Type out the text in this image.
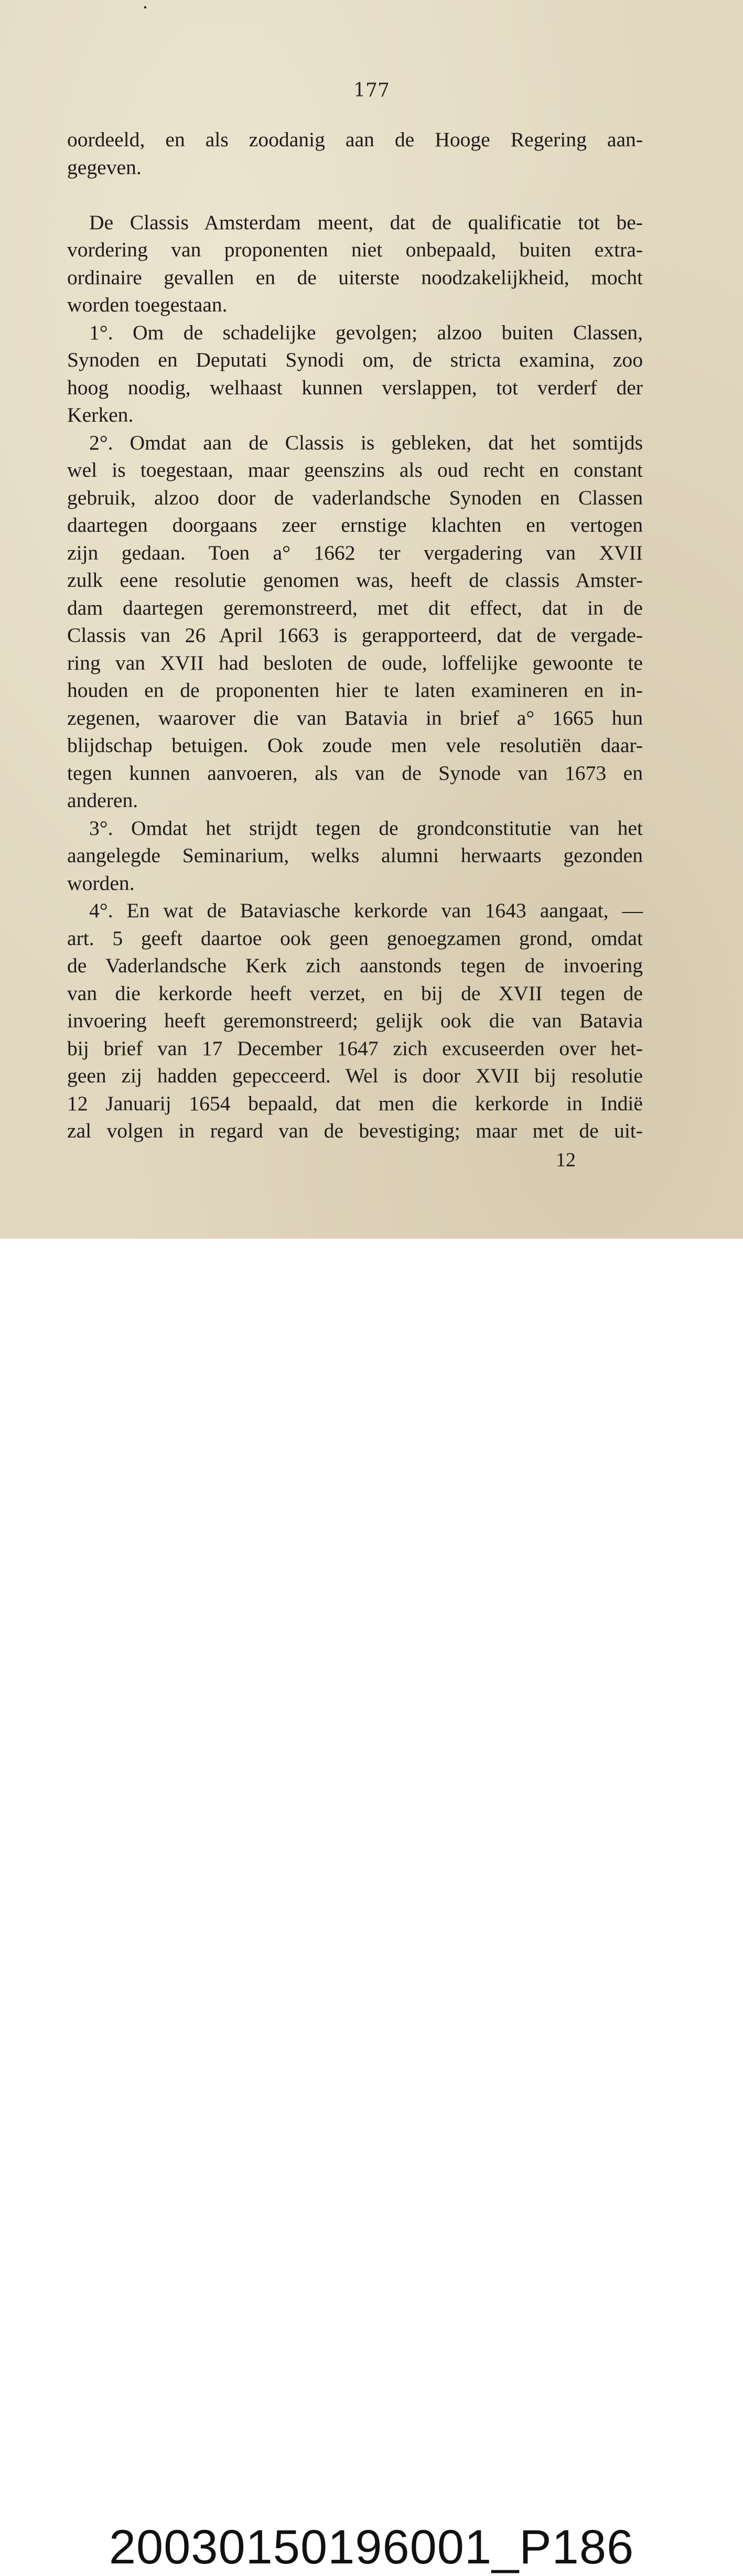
177
oordeeld, en als zoodanig aan de Hooge Regering aan-
gegeven.
De Classis Amsterdam meent, dat de qualificatie tot be-
vordering van proponenten niet onbepaald, buiten extra-
ordinaire gevallen en de uiterste noodzakelijkheid, mocht
worden toegestaan.
1°. Om de schadelijke gevolgen; alzoo buiten Classen,
Synoden en Deputati Synodi om, de stricta examina, zoo
hoog noodig, welhaast kunnen verslappen, tot verderf der
Kerken.
2°. Omdat aan de Classis is gebleken, dat het somtijds
wel is toegestaan, maar geenszins als oud recht en constant
gebruik, alzoo door de vaderlandsche Synoden en Classen
daartegen doorgaans zeer ernstige klachten en vertogen
zijn gedaan. Toen a° 1662 ter vergadering van XVII
zulk eene resolutie genomen was, heeft de classis Amster-
dam daartegen geremonstreerd, met dit effect, dat in de
Classis van 26 April 1663 is gerapporteerd, dat de vergade-
ring van XVII had besloten de oude, loffelijke gewoonte te
houden en de proponenten hier te laten examineren en in-
zegenen, waarover die van Batavia in brief a° 1665 hun
blijdschap betuigen. Ook zoude men vele resolutiën daar-
tegen kunnen aanvoeren, als van de Synode van 1673 en
anderen.
3°. Omdat het strijdt tegen de grondconstitutie van het
aangelegde Seminarium, welks alumni herwaarts gezonden
worden.
4°. En wat de Bataviasche kerkorde van 1643 aangaat, —
art. 5 geeft daartoe ook geen genoegzamen grond, omdat
de Vaderlandsche Kerk zich aanstonds tegen de invoering
van die kerkorde heeft verzet, en bij de XVII tegen de
invoering heeft geremonstreerd; gelijk ook die van Batavia
bij brief van 17 December 1647 zich excuseerden over het-
geen zij hadden gepecceerd. Wel is door XVII bij resolutie
12 Januarij 1654 bepaald, dat men die kerkorde in Indië
zal volgen in regard van de bevestiging; maar met de uit-
12
20030150196001_P186
